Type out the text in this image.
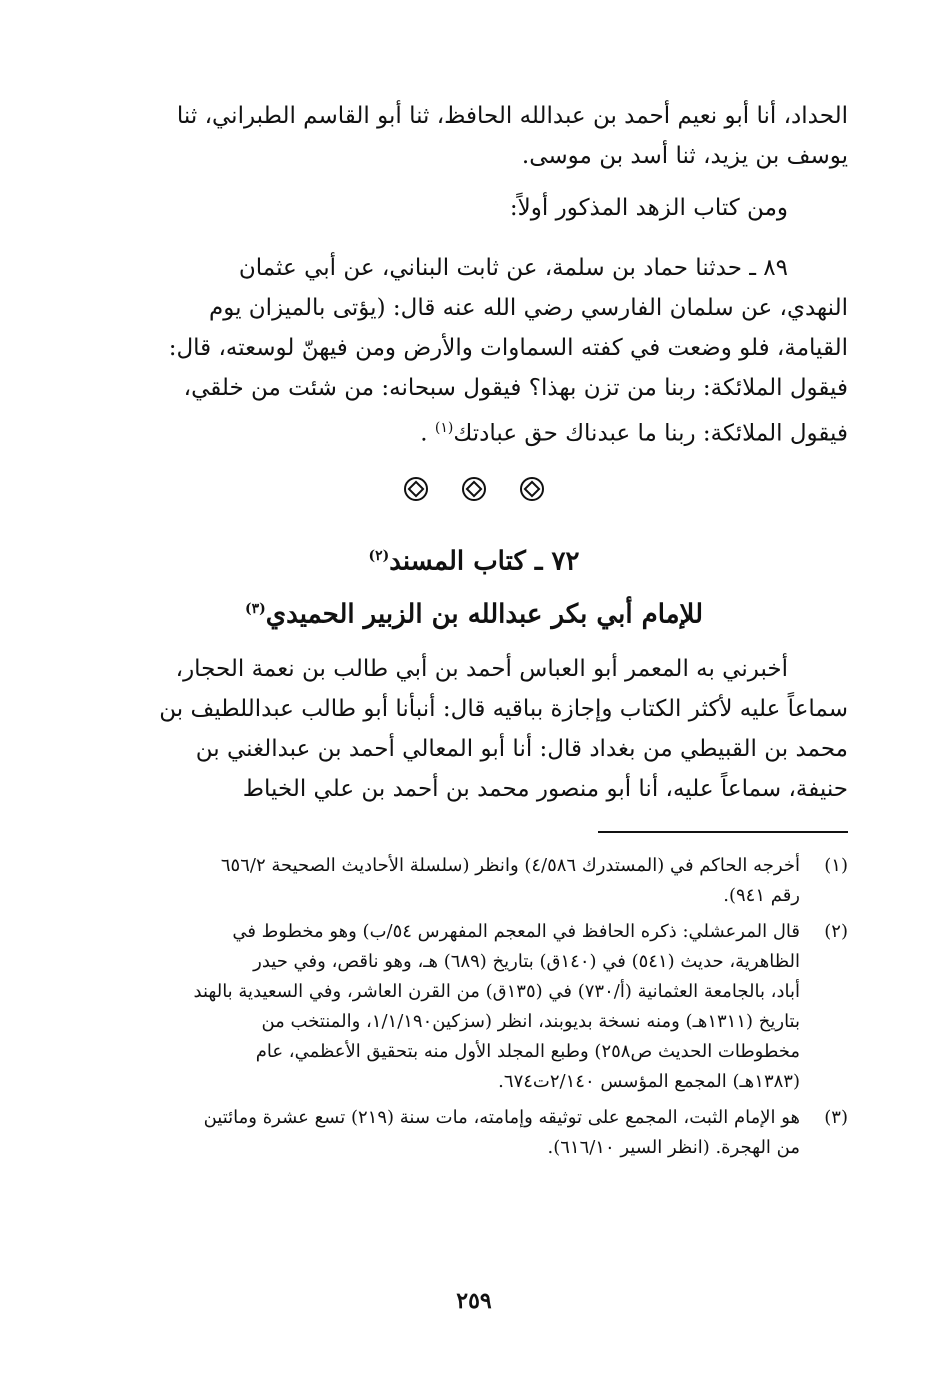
الحداد، أنا أبو نعيم أحمد بن عبدالله الحافظ، ثنا أبو القاسم الطبراني، ثنا
يوسف بن يزيد، ثنا أسد بن موسى.
ومن كتاب الزهد المذكور أولاً:
٨٩ ـ حدثنا حماد بن سلمة، عن ثابت البناني، عن أبي عثمان
النهدي، عن سلمان الفارسي رضي الله عنه قال: (يؤتى بالميزان يوم
القيامة، فلو وضعت في كفته السماوات والأرض ومن فيهنّ لوسعته، قال:
فيقول الملائكة: ربنا من تزن بهذا؟ فيقول سبحانه: من شئت من خلقي،
فيقول الملائكة: ربنا ما عبدناك حق عبادتك$^{(١)}$ .
٧٢ ـ كتاب المسند$^{(٢)}$
للإمام أبي بكر عبدالله بن الزبير الحميدي$^{(٣)}$
أخبرني به المعمر أبو العباس أحمد بن أبي طالب بن نعمة الحجار،
سماعاً عليه لأكثر الكتاب وإجازة بباقيه قال: أنبأنا أبو طالب عبداللطيف بن
محمد بن القبيطي من بغداد قال: أنا أبو المعالي أحمد بن عبدالغني بن
حنيفة، سماعاً عليه، أنا أبو منصور محمد بن أحمد بن علي الخياط
(١)
أخرجه الحاكم في (المستدرك ٤/٥٨٦) وانظر (سلسلة الأحاديث الصحيحة ٦٥٦/٢
رقم ٩٤١).
(٢)
قال المرعشلي: ذكره الحافظ في المعجم المفهرس ٥٤/ب) وهو مخطوط في
الظاهرية، حديث (٥٤١) في (١٤٠ق) بتاريخ (٦٨٩) هـ، وهو ناقص، وفي حيدر
أباد، بالجامعة العثمانية (أ/٧٣٠) في (١٣٥ق) من القرن العاشر، وفي السعيدية بالهند
بتاريخ (١٣١١هـ) ومنه نسخة بديوبند، انظر (سزكين١/١/١٩٠، والمنتخب من
مخطوطات الحديث ص٢٥٨) وطبع المجلد الأول منه بتحقيق الأعظمي، عام
(١٣٨٣هـ) المجمع المؤسس ٢/١٤٠ت٦٧٤.
(٣)
هو الإمام الثبت، المجمع على توثيقه وإمامته، مات سنة (٢١٩) تسع عشرة ومائتين
من الهجرة. (انظر السير ٦١٦/١٠).
٢٥٩
